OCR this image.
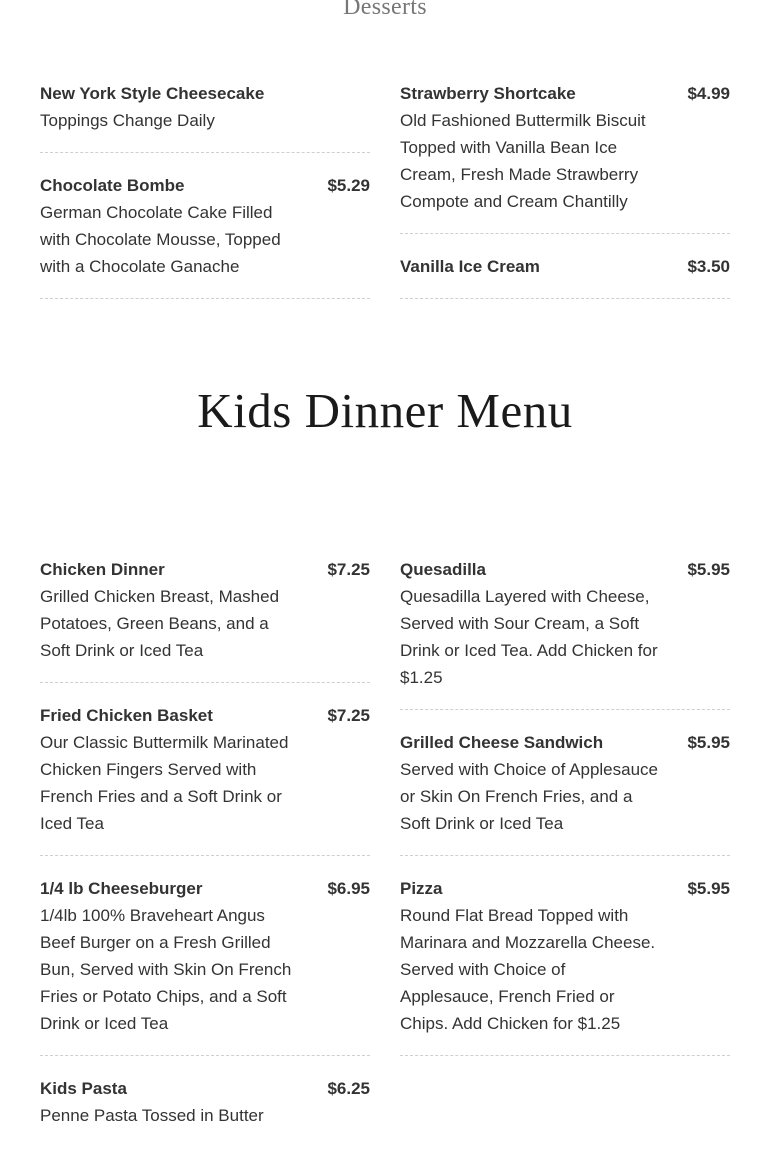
Desserts
New York Style Cheesecake
Toppings Change Daily
Chocolate Bombe	$5.29
German Chocolate Cake Filled with Chocolate Mousse, Topped with a Chocolate Ganache
Strawberry Shortcake	$4.99
Old Fashioned Buttermilk Biscuit Topped with Vanilla Bean Ice Cream, Fresh Made Strawberry Compote and Cream Chantilly
Vanilla Ice Cream	$3.50
Kids Dinner Menu
Chicken Dinner	$7.25
Grilled Chicken Breast, Mashed Potatoes, Green Beans, and a Soft Drink or Iced Tea
Fried Chicken Basket	$7.25
Our Classic Buttermilk Marinated Chicken Fingers Served with French Fries and a Soft Drink or Iced Tea
1/4 lb Cheeseburger	$6.95
1/4lb 100% Braveheart Angus Beef Burger on a Fresh Grilled Bun, Served with Skin On French Fries or Potato Chips, and a Soft Drink or Iced Tea
Kids Pasta	$6.25
Penne Pasta Tossed in Butter
Quesadilla	$5.95
Quesadilla Layered with Cheese, Served with Sour Cream, a Soft Drink or Iced Tea. Add Chicken for $1.25
Grilled Cheese Sandwich	$5.95
Served with Choice of Applesauce or Skin On French Fries, and a Soft Drink or Iced Tea
Pizza	$5.95
Round Flat Bread Topped with Marinara and Mozzarella Cheese. Served with Choice of Applesauce, French Fried or Chips. Add Chicken for $1.25
